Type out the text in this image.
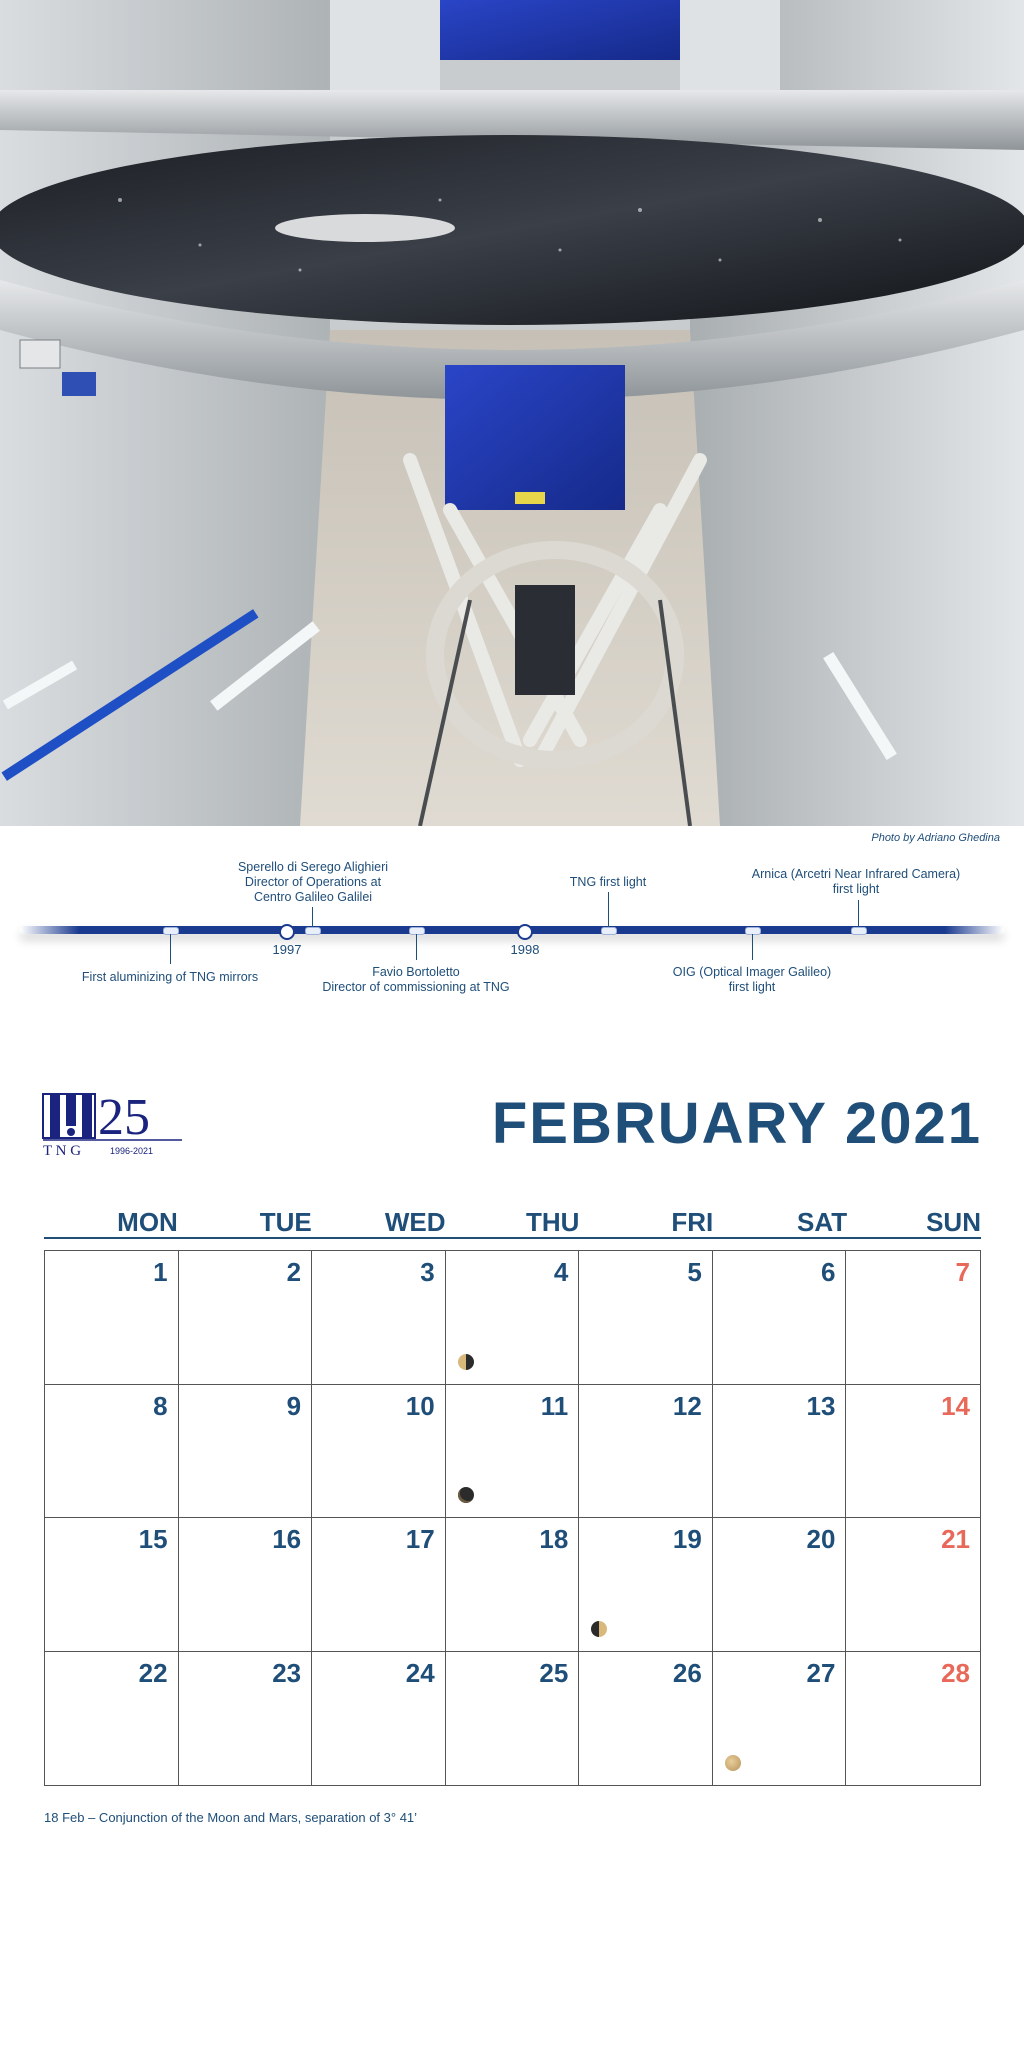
Photo by Adriano Ghedina
1997	1998
Sperello di Serego Alighieri
Director of Operations at
Centro Galileo Galilei
TNG first light
Arnica (Arcetri Near Infrared Camera)
first light
First aluminizing of TNG mirrors	Favio Bortoletto
Director of commissioning at TNG
OIG (Optical Imager Galileo)
first light
25
T N G	1996-2021	FEBRUARY 2021
MON	TUE	WED	THU	FRI	SAT	SUN
1	2	3	4	5	6	7
8	9	10	11	12	13	14
15	16	17	18	19	20	21
22	23	24	25	26	27	28
18 Feb – Conjunction of the Moon and Mars, separation of 3° 41’
